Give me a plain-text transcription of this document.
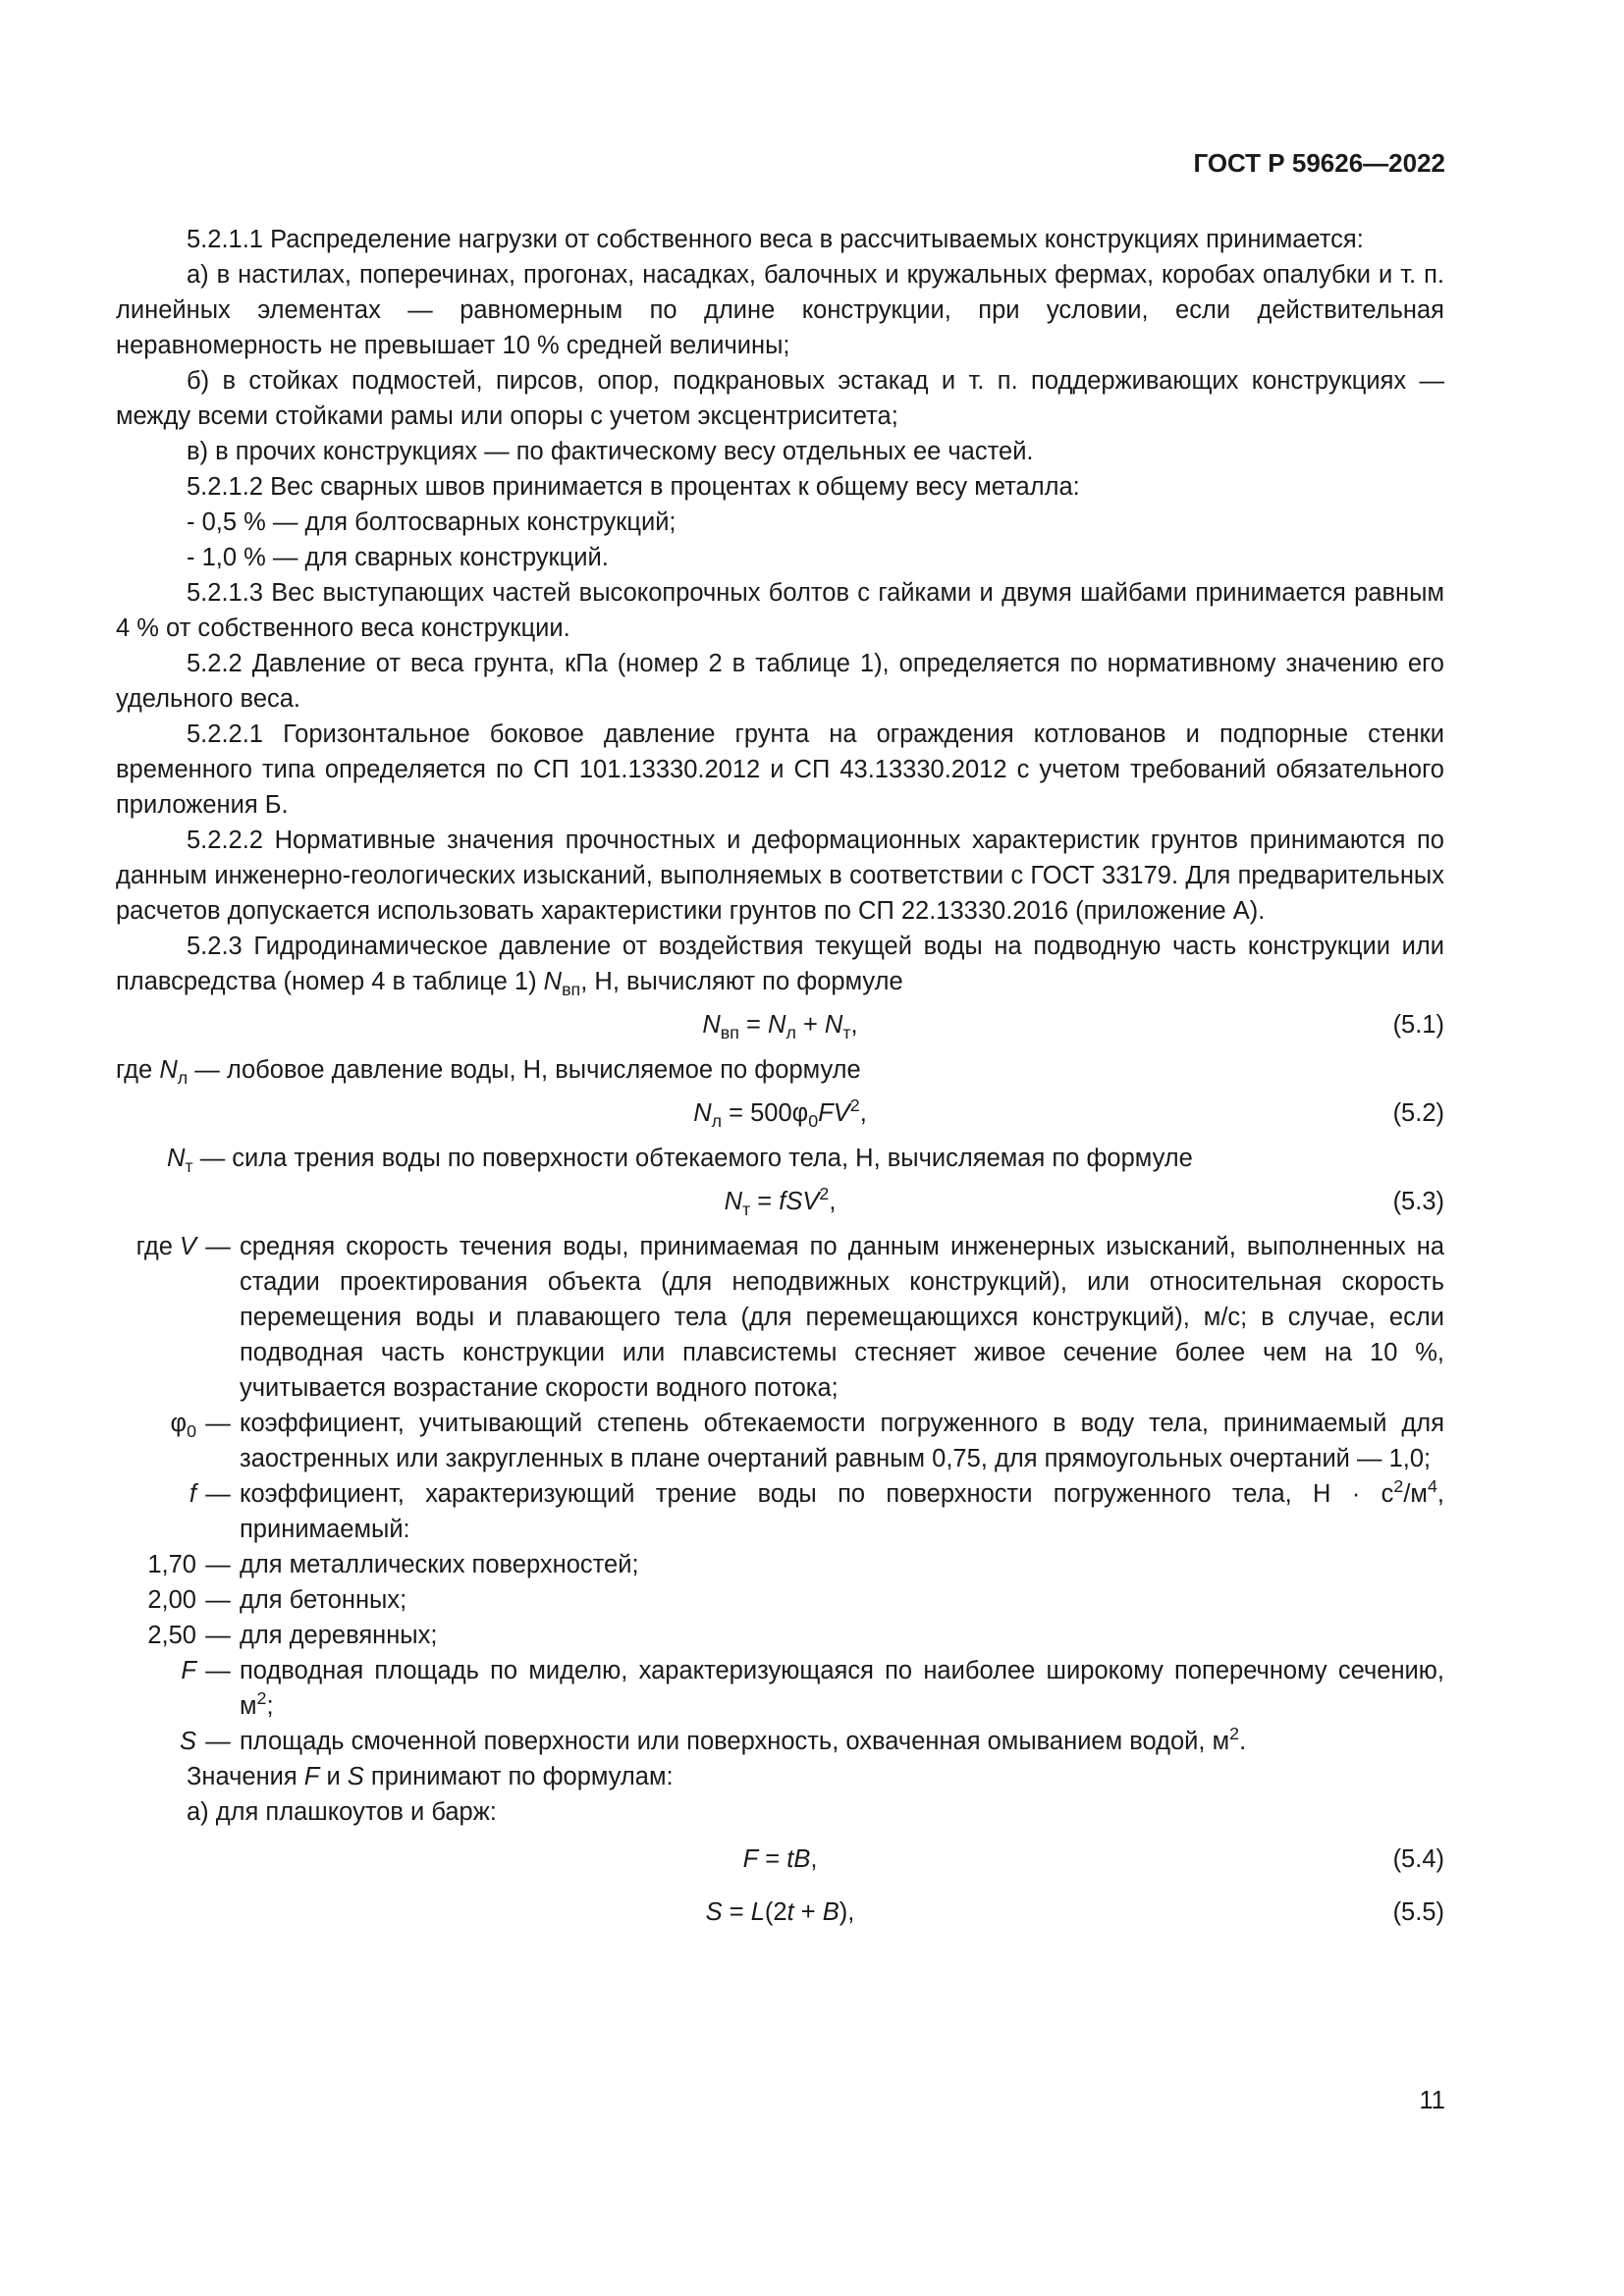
ГОСТ Р 59626—2022

5.2.1.1 Распределение нагрузки от собственного веса в рассчитываемых конструкциях принимается:

а) в настилах, поперечинах, прогонах, насадках, балочных и кружальных фермах, коробах опалубки и т. п. линейных элементах — равномерным по длине конструкции, при условии, если действительная неравномерность не превышает 10 % средней величины;

б) в стойках подмостей, пирсов, опор, подкрановых эстакад и т. п. поддерживающих конструкциях — между всеми стойками рамы или опоры с учетом эксцентриситета;

в) в прочих конструкциях — по фактическому весу отдельных ее частей.

5.2.1.2 Вес сварных швов принимается в процентах к общему весу металла:

- 0,5 % — для болтосварных конструкций;

- 1,0 % — для сварных конструкций.

5.2.1.3 Вес выступающих частей высокопрочных болтов с гайками и двумя шайбами принимается равным 4 % от собственного веса конструкции.

5.2.2 Давление от веса грунта, кПа (номер 2 в таблице 1), определяется по нормативному значению его удельного веса.

5.2.2.1 Горизонтальное боковое давление грунта на ограждения котлованов и подпорные стенки временного типа определяется по СП 101.13330.2012 и СП 43.13330.2012 с учетом требований обязательного приложения Б.

5.2.2.2 Нормативные значения прочностных и деформационных характеристик грунтов принимаются по данным инженерно-геологических изысканий, выполняемых в соответствии с ГОСТ 33179. Для предварительных расчетов допускается использовать характеристики грунтов по СП 22.13330.2016 (приложение А).

5.2.3 Гидродинамическое давление от воздействия текущей воды на подводную часть конструкции или плавсредства (номер 4 в таблице 1) $N_{вп}$, Н, вычисляют по формуле

$N_{вп} = N_л + N_т$,	(5.1)

где $N_л$ — лобовое давление воды, Н, вычисляемое по формуле

$N_л = 500\varphi_0FV^2$,	(5.2)

$N_т$ — сила трения воды по поверхности обтекаемого тела, Н, вычисляемая по формуле

$N_т = fSV^2$,	(5.3)
где V	—	средняя скорость течения воды, принимаемая по данным инженерных изысканий, выполненных на стадии проектирования объекта (для неподвижных конструкций), или относительная скорость перемещения воды и плавающего тела (для перемещающихся конструкций), м/с; в случае, если подводная часть конструкции или плавсистемы стесняет живое сечение более чем на 10 %, учитывается возрастание скорости водного потока;
$\varphi_0$	—	коэффициент, учитывающий степень обтекаемости погруженного в воду тела, принимаемый для заостренных или закругленных в плане очертаний равным 0,75, для прямоугольных очертаний — 1,0;
f	—	коэффициент, характеризующий трение воды по поверхности погруженного тела, $Н \cdot с^2/м^4$, принимаемый:
1,70	—	для металлических поверхностей;
2,00	—	для бетонных;
2,50	—	для деревянных;
F	—	подводная площадь по миделю, характеризующаяся по наиболее широкому поперечному сечению, $м^2$;
S	—	площадь смоченной поверхности или поверхность, охваченная омыванием водой, $м^2$.

Значения F и S принимают по формулам:

а) для плашкоутов и барж:

F = tB,	(5.4)
S = L(2t + B),	(5.5)
11
